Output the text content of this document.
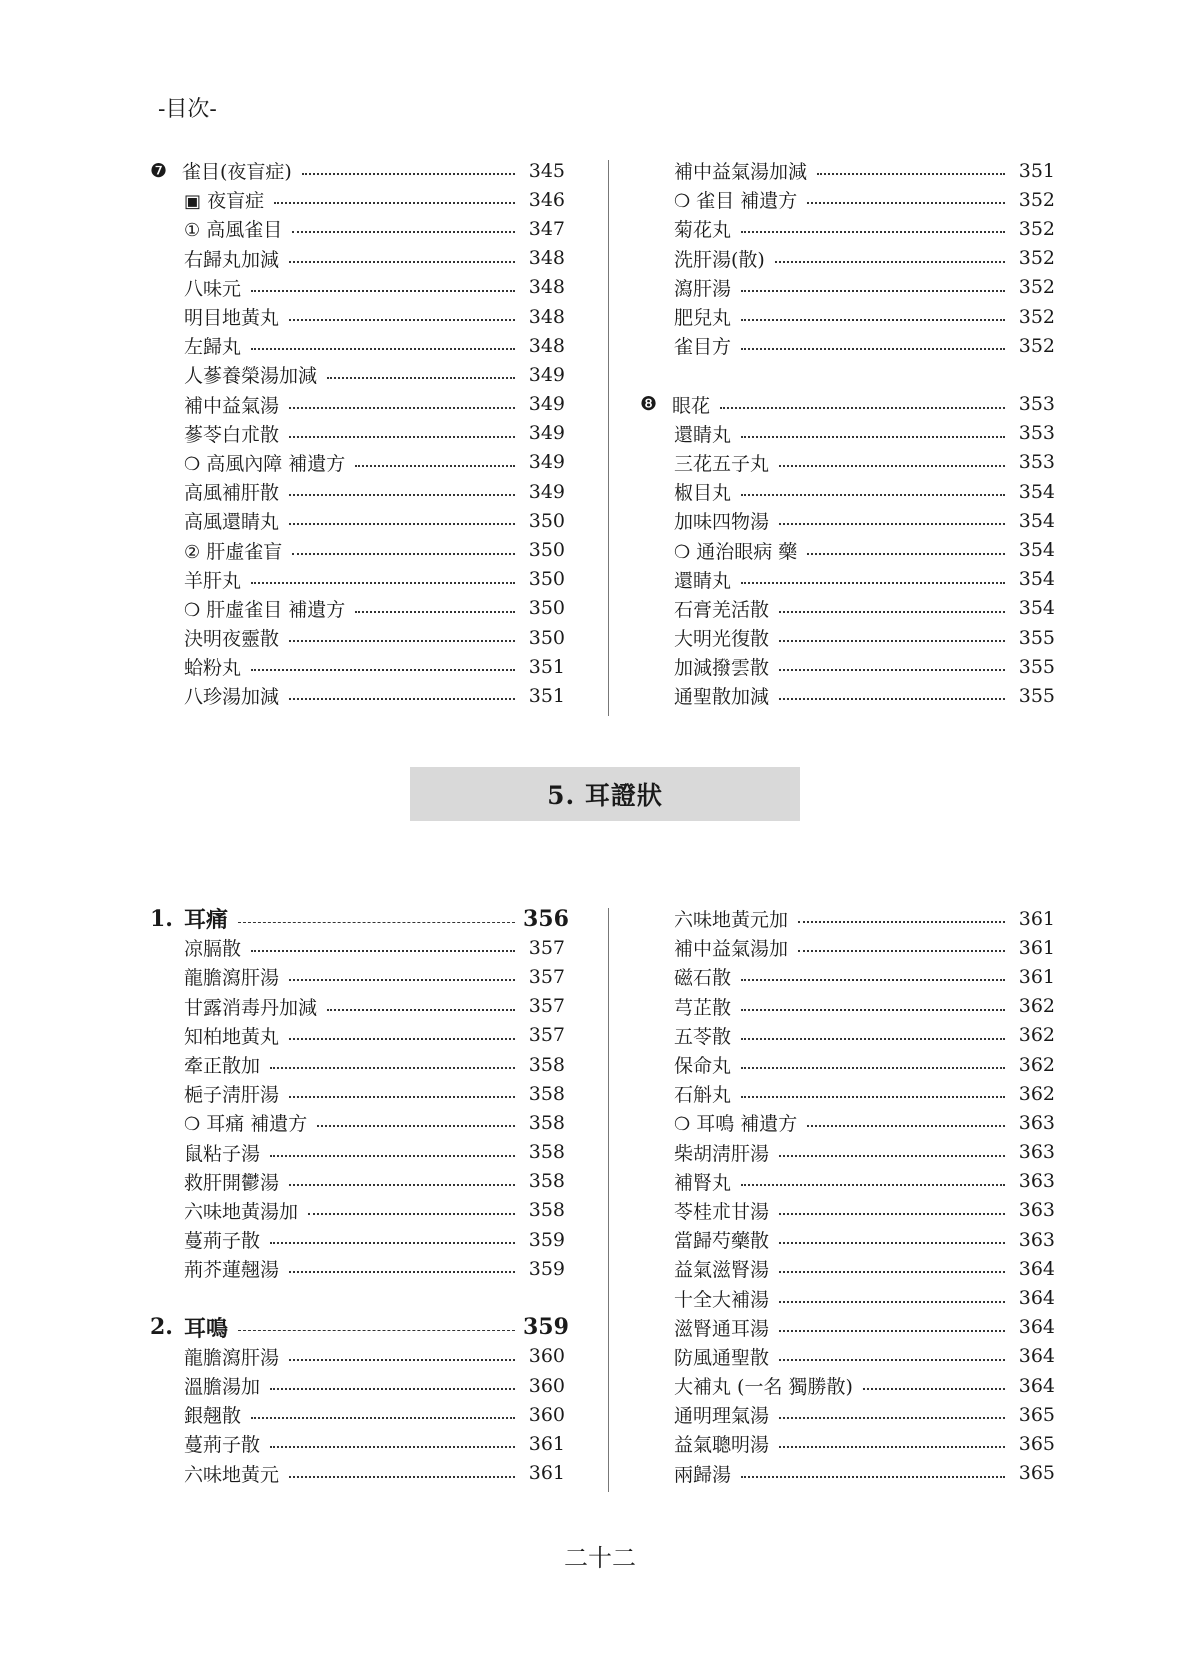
-目次-
❼ 雀目(夜盲症)	345
▣ 夜盲症	346
① 高風雀目	347
右歸丸加減	348
八味元	348
明目地黃丸	348
左歸丸	348
人蔘養榮湯加減	349
補中益氣湯	349
蔘苓白朮散	349
❍ 高風內障 補遺方	349
高風補肝散	349
高風還睛丸	350
② 肝虛雀盲	350
羊肝丸	350
❍ 肝虛雀目 補遺方	350
決明夜靈散	350
蛤粉丸	351
八珍湯加減	351
補中益氣湯加減	351
❍ 雀目 補遺方	352
菊花丸	352
洗肝湯(散)	352
瀉肝湯	352
肥兒丸	352
雀目方	352
❽ 眼花	353
還睛丸	353
三花五子丸	353
椒目丸	354
加味四物湯	354
❍ 通治眼病 藥	354
還睛丸	354
石膏羌活散	354
大明光復散	355
加減撥雲散	355
通聖散加減	355
5. 耳證狀
1. 耳痛	356
凉膈散	357
龍膽瀉肝湯	357
甘露消毒丹加減	357
知柏地黃丸	357
牽正散加	358
梔子淸肝湯	358
❍ 耳痛 補遺方	358
鼠粘子湯	358
救肝開鬱湯	358
六味地黃湯加	358
蔓荊子散	359
荊芥蓮翹湯	359
2. 耳鳴	359
龍膽瀉肝湯	360
溫膽湯加	360
銀翹散	360
蔓荊子散	361
六味地黃元	361
六味地黃元加	361
補中益氣湯加	361
磁石散	361
芎芷散	362
五苓散	362
保命丸	362
石斛丸	362
❍ 耳鳴 補遺方	363
柴胡淸肝湯	363
補腎丸	363
苓桂朮甘湯	363
當歸芍藥散	363
益氣滋腎湯	364
十全大補湯	364
滋腎通耳湯	364
防風通聖散	364
大補丸 (一名 獨勝散)	364
通明理氣湯	365
益氣聰明湯	365
兩歸湯	365
二十二
